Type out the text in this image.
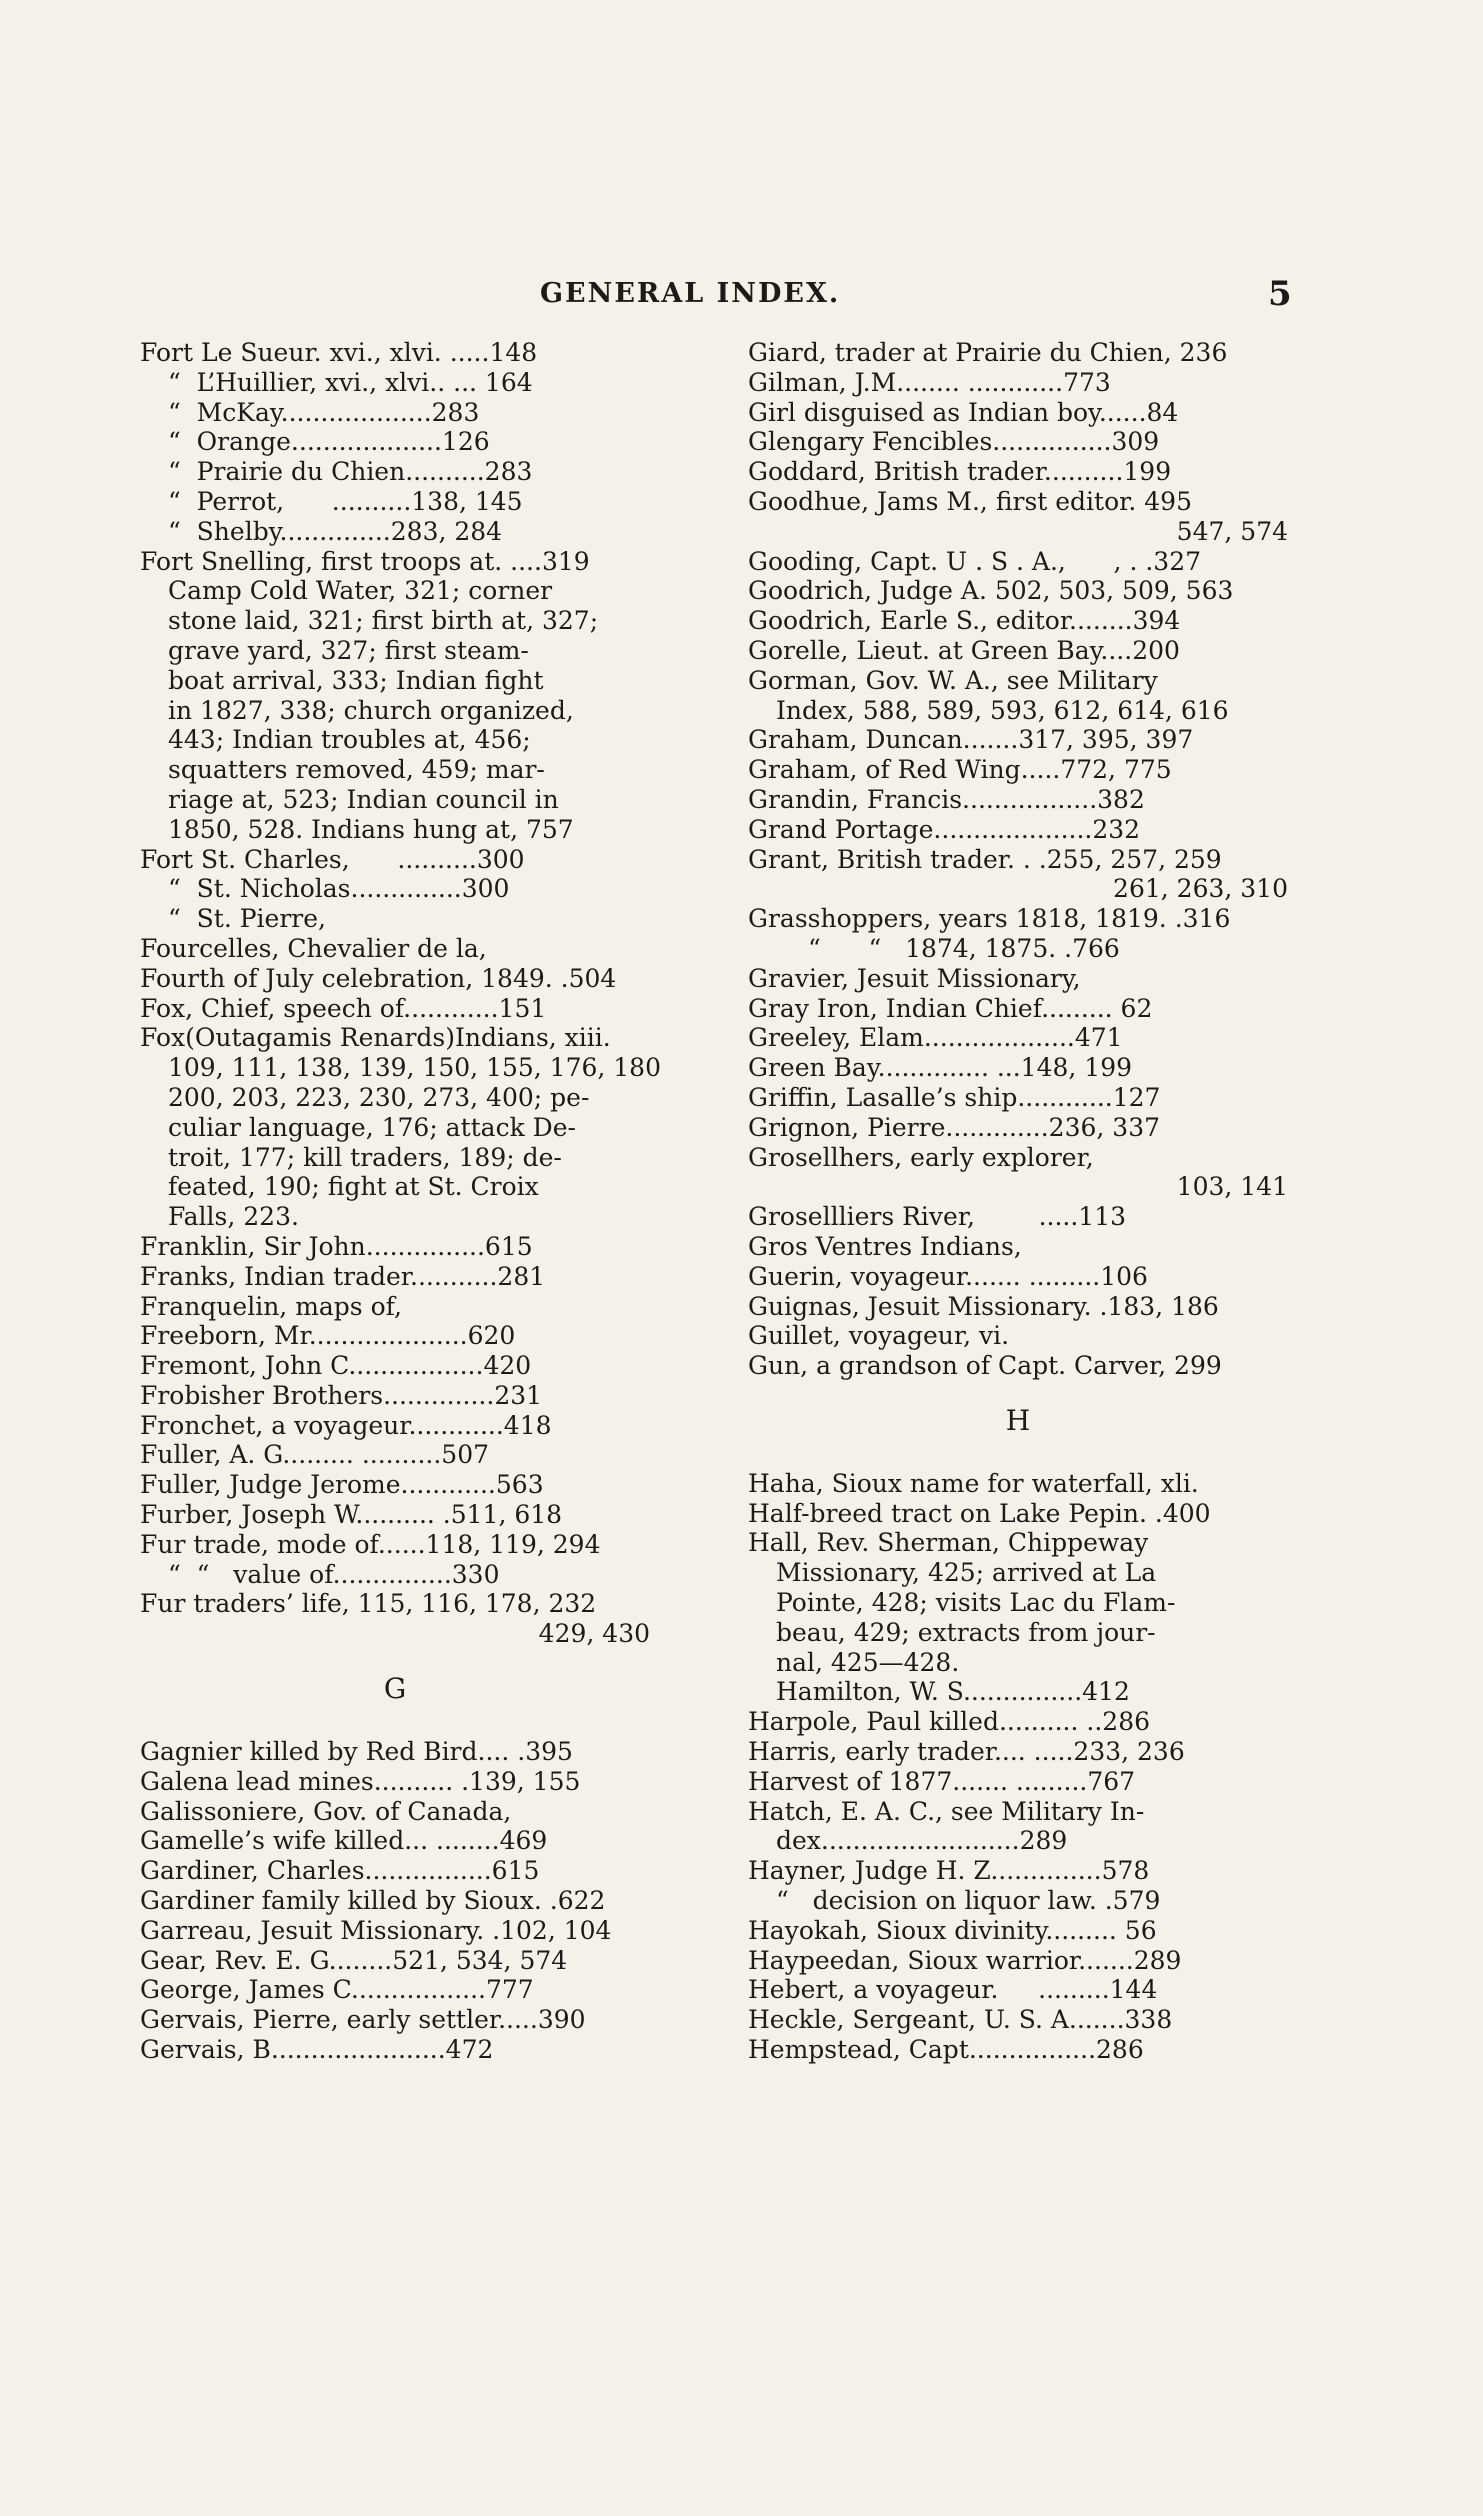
GENERAL INDEX.	5
Fort Le Sueur. xvi., xlvi. .....148
“  L’Huillier, xvi., xlvi.. ... 164
“  McKay...................283
“  Orange...................126
“  Prairie du Chien..........283
“  Perrot,      ..........138, 145
“  Shelby..............283, 284
Fort Snelling, first troops at. ....319
Camp Cold Water, 321; corner
stone laid, 321; first birth at, 327;
grave yard, 327; first steam-
boat arrival, 333; Indian fight
in 1827, 338; church organized,
443; Indian troubles at, 456;
squatters removed, 459; mar-
riage at, 523; Indian council in
1850, 528. Indians hung at, 757
Fort St. Charles,      ..........300
“  St. Nicholas..............300
“  St. Pierre,
Fourcelles, Chevalier de la,
Fourth of July celebration, 1849. .504
Fox, Chief, speech of............151
Fox(Outagamis Renards)Indians, xiii.
109, 111, 138, 139, 150, 155, 176, 180
200, 203, 223, 230, 273, 400; pe-
culiar language, 176; attack De-
troit, 177; kill traders, 189; de-
feated, 190; fight at St. Croix
Falls, 223.
Franklin, Sir John...............615
Franks, Indian trader...........281
Franquelin, maps of,
Freeborn, Mr....................620
Fremont, John C.................420
Frobisher Brothers..............231
Fronchet, a voyageur............418
Fuller, A. G......... ..........507
Fuller, Judge Jerome............563
Furber, Joseph W.......... .511, 618
Fur trade, mode of......118, 119, 294
“  “   value of...............330
Fur traders’ life, 115, 116, 178, 232
429, 430
G
Gagnier killed by Red Bird.... .395
Galena lead mines.......... .139, 155
Galissoniere, Gov. of Canada,
Gamelle’s wife killed... ........469
Gardiner, Charles................615
Gardiner family killed by Sioux. .622
Garreau, Jesuit Missionary. .102, 104
Gear, Rev. E. G........521, 534, 574
George, James C.................777
Gervais, Pierre, early settler.....390
Gervais, B......................472
Giard, trader at Prairie du Chien, 236
Gilman, J.M........ ............773
Girl disguised as Indian boy......84
Glengary Fencibles...............309
Goddard, British trader..........199
Goodhue, Jams M., first editor. 495
547, 574
Gooding, Capt. U . S . A.,      , . .327
Goodrich, Judge A. 502, 503, 509, 563
Goodrich, Earle S., editor........394
Gorelle, Lieut. at Green Bay....200
Gorman, Gov. W. A., see Military
Index, 588, 589, 593, 612, 614, 616
Graham, Duncan.......317, 395, 397
Graham, of Red Wing.....772, 775
Grandin, Francis.................382
Grand Portage....................232
Grant, British trader. . .255, 257, 259
261, 263, 310
Grasshoppers, years 1818, 1819. .316
“      “   1874, 1875. .766
Gravier, Jesuit Missionary,
Gray Iron, Indian Chief......... 62
Greeley, Elam...................471
Green Bay.............. ...148, 199
Griffin, Lasalle’s ship............127
Grignon, Pierre.............236, 337
Grosellhers, early explorer,
103, 141
Grosellliers River,        .....113
Gros Ventres Indians,
Guerin, voyageur....... .........106
Guignas, Jesuit Missionary. .183, 186
Guillet, voyageur, vi.
Gun, a grandson of Capt. Carver, 299
H
Haha, Sioux name for waterfall, xli.
Half-breed tract on Lake Pepin. .400
Hall, Rev. Sherman, Chippeway
Missionary, 425; arrived at La
Pointe, 428; visits Lac du Flam-
beau, 429; extracts from jour-
nal, 425—428.
Hamilton, W. S...............412
Harpole, Paul killed.......... ..286
Harris, early trader.... .....233, 236
Harvest of 1877....... .........767
Hatch, E. A. C., see Military In-
dex.........................289
Hayner, Judge H. Z..............578
“   decision on liquor law. .579
Hayokah, Sioux divinity......... 56
Haypeedan, Sioux warrior.......289
Hebert, a voyageur.     .........144
Heckle, Sergeant, U. S. A.......338
Hempstead, Capt................286
